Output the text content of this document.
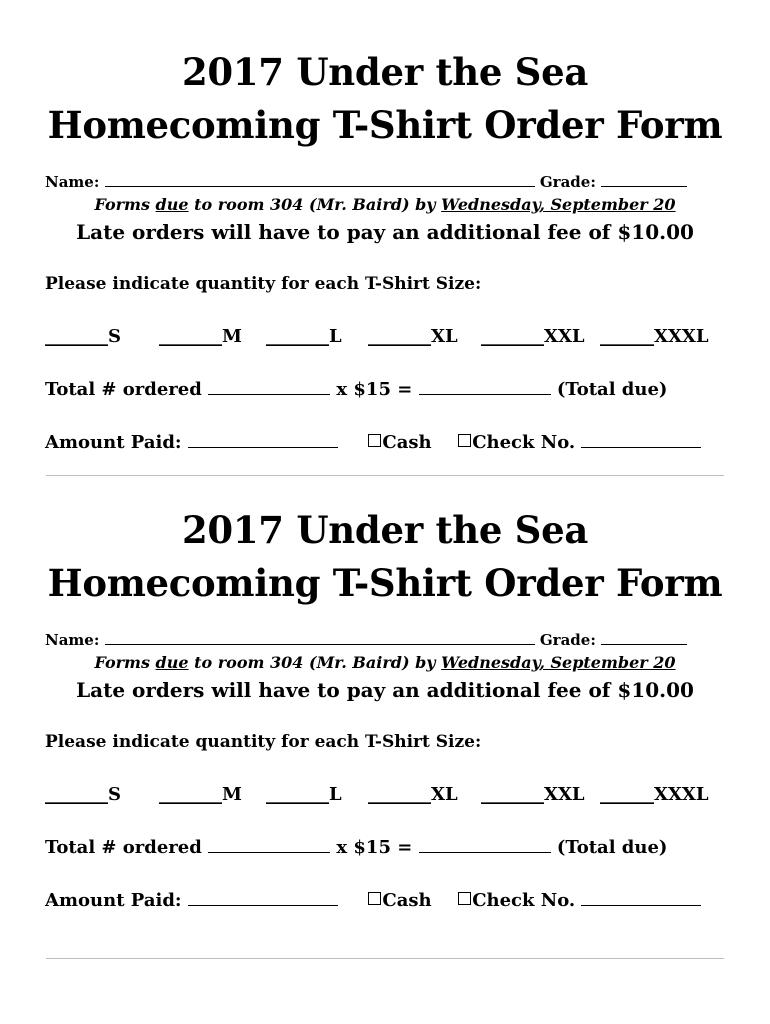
2017 Under the Sea
Homecoming T-Shirt Order Form
Name:	Grade:
Forms due to room 304 (Mr. Baird) by Wednesday, September 20
Late orders will have to pay an additional fee of $10.00
Please indicate quantity for each T-Shirt Size:
_______S _______M _______L _______XL _______XXL ______XXXL
Total # ordered	x $15 =	(Total due)
Amount Paid:	Cash Check No.
2017 Under the Sea
Homecoming T-Shirt Order Form
Name:	Grade:
Forms due to room 304 (Mr. Baird) by Wednesday, September 20
Late orders will have to pay an additional fee of $10.00
Please indicate quantity for each T-Shirt Size:
_______S _______M _______L _______XL _______XXL ______XXXL
Total # ordered	x $15 =	(Total due)
Amount Paid:	Cash Check No.
